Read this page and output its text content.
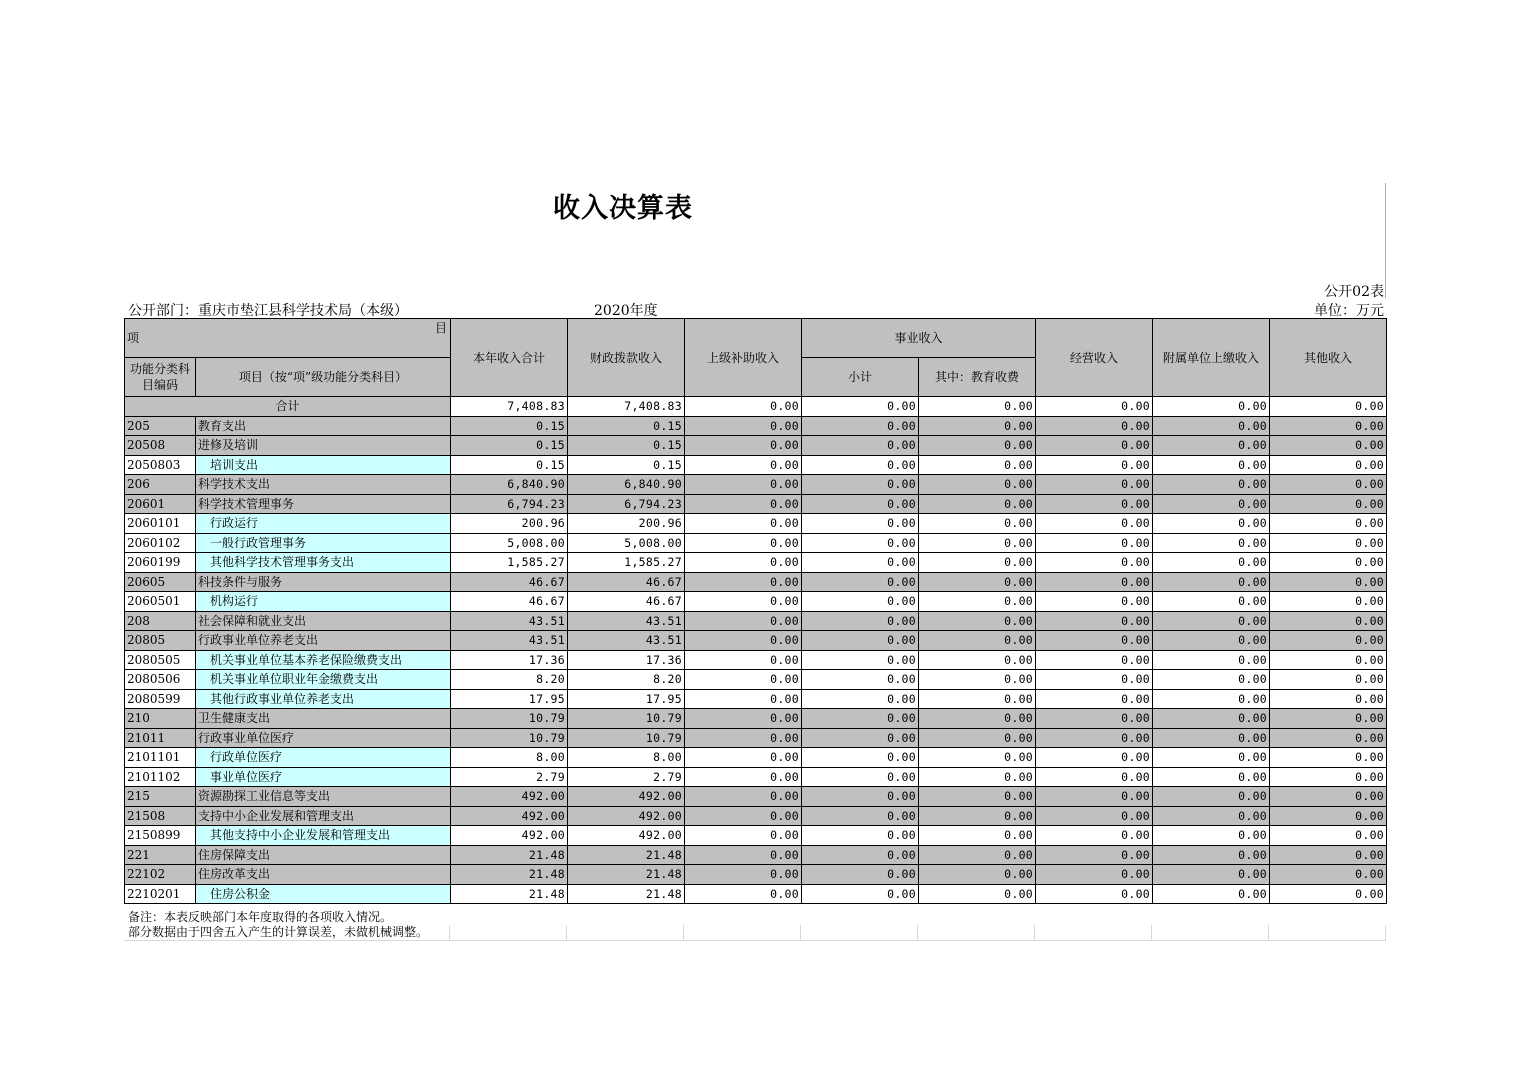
收入决算表
公开02表
公开部门：重庆市垫江县科学技术局（本级）	2020年度	单位：万元
项
目		本年收入合计	财政拨款收入	上级补助收入	事业收入		经营收入	附属单位上缴收入	其他收入
功能分类科目编码	项目（按“项”级功能分类科目）								
					小计	其中：教育收费			
合计		7,408.83	7,408.83	0.00	0.00	0.00	0.00	0.00	0.00
205	教育支出	0.15	0.15	0.00	0.00	0.00	0.00	0.00	0.00
20508	进修及培训	0.15	0.15	0.00	0.00	0.00	0.00	0.00	0.00
2050803	培训支出	0.15	0.15	0.00	0.00	0.00	0.00	0.00	0.00
206	科学技术支出	6,840.90	6,840.90	0.00	0.00	0.00	0.00	0.00	0.00
20601	科学技术管理事务	6,794.23	6,794.23	0.00	0.00	0.00	0.00	0.00	0.00
2060101	行政运行	200.96	200.96	0.00	0.00	0.00	0.00	0.00	0.00
2060102	一般行政管理事务	5,008.00	5,008.00	0.00	0.00	0.00	0.00	0.00	0.00
2060199	其他科学技术管理事务支出	1,585.27	1,585.27	0.00	0.00	0.00	0.00	0.00	0.00
20605	科技条件与服务	46.67	46.67	0.00	0.00	0.00	0.00	0.00	0.00
2060501	机构运行	46.67	46.67	0.00	0.00	0.00	0.00	0.00	0.00
208	社会保障和就业支出	43.51	43.51	0.00	0.00	0.00	0.00	0.00	0.00
20805	行政事业单位养老支出	43.51	43.51	0.00	0.00	0.00	0.00	0.00	0.00
2080505	机关事业单位基本养老保险缴费支出	17.36	17.36	0.00	0.00	0.00	0.00	0.00	0.00
2080506	机关事业单位职业年金缴费支出	8.20	8.20	0.00	0.00	0.00	0.00	0.00	0.00
2080599	其他行政事业单位养老支出	17.95	17.95	0.00	0.00	0.00	0.00	0.00	0.00
210	卫生健康支出	10.79	10.79	0.00	0.00	0.00	0.00	0.00	0.00
21011	行政事业单位医疗	10.79	10.79	0.00	0.00	0.00	0.00	0.00	0.00
2101101	行政单位医疗	8.00	8.00	0.00	0.00	0.00	0.00	0.00	0.00
2101102	事业单位医疗	2.79	2.79	0.00	0.00	0.00	0.00	0.00	0.00
215	资源勘探工业信息等支出	492.00	492.00	0.00	0.00	0.00	0.00	0.00	0.00
21508	支持中小企业发展和管理支出	492.00	492.00	0.00	0.00	0.00	0.00	0.00	0.00
2150899	其他支持中小企业发展和管理支出	492.00	492.00	0.00	0.00	0.00	0.00	0.00	0.00
221	住房保障支出	21.48	21.48	0.00	0.00	0.00	0.00	0.00	0.00
22102	住房改革支出	21.48	21.48	0.00	0.00	0.00	0.00	0.00	0.00
2210201	住房公积金	21.48	21.48	0.00	0.00	0.00	0.00	0.00	0.00
备注：本表反映部门本年度取得的各项收入情况。
部分数据由于四舍五入产生的计算误差，未做机械调整。
